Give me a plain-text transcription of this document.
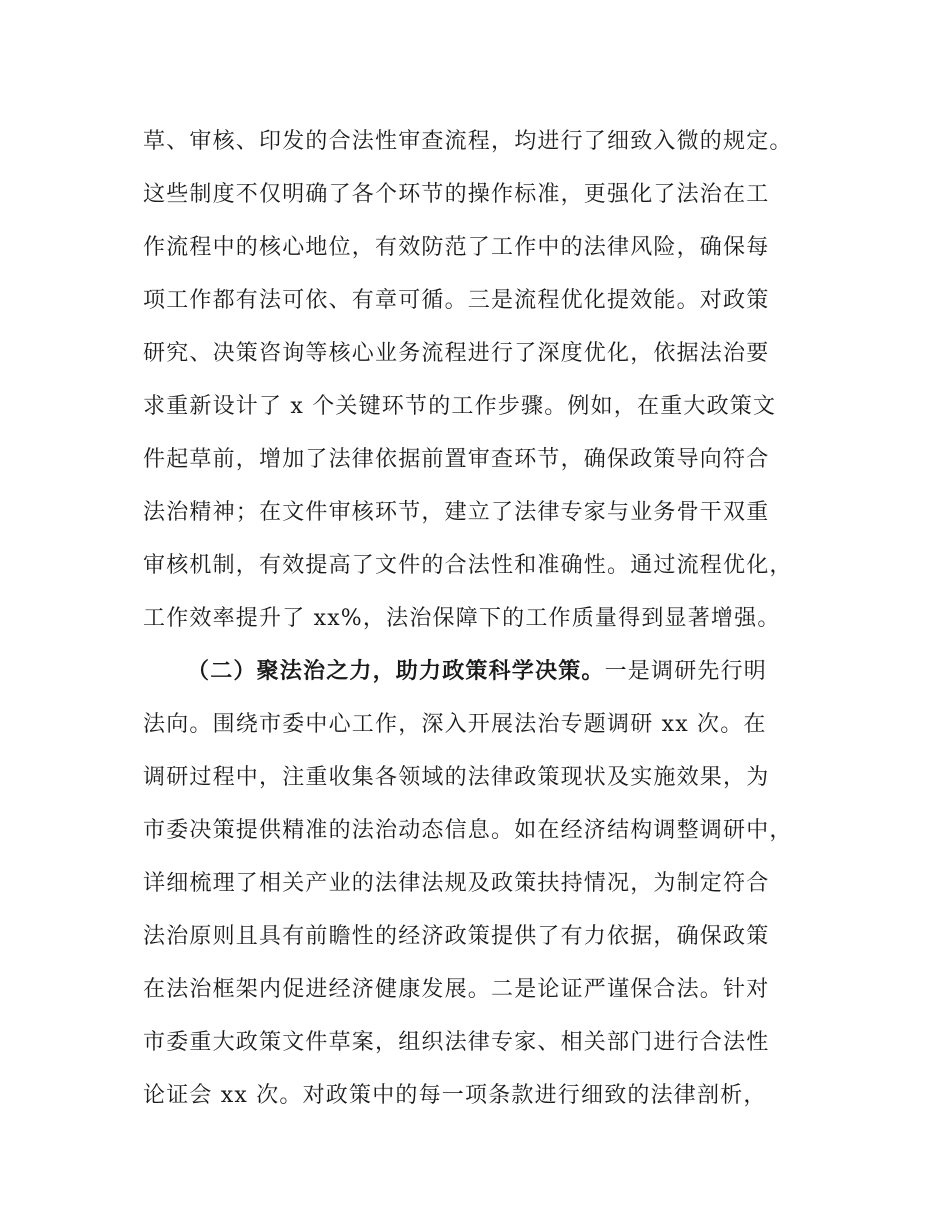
草、审核、印发的合法性审查流程，均进行了细致入微的规定。
这些制度不仅明确了各个环节的操作标准，更强化了法治在工
作流程中的核心地位，有效防范了工作中的法律风险，确保每
项工作都有法可依、有章可循。三是流程优化提效能。对政策
研究、决策咨询等核心业务流程进行了深度优化，依据法治要
求重新设计了 x 个关键环节的工作步骤。例如，在重大政策文
件起草前，增加了法律依据前置审查环节，确保政策导向符合
法治精神；在文件审核环节，建立了法律专家与业务骨干双重
审核机制，有效提高了文件的合法性和准确性。通过流程优化，
工作效率提升了 xx%，法治保障下的工作质量得到显著增强。
（二）聚法治之力，助力政策科学决策。一是调研先行明
法向。围绕市委中心工作，深入开展法治专题调研 xx 次。在
调研过程中，注重收集各领域的法律政策现状及实施效果，为
市委决策提供精准的法治动态信息。如在经济结构调整调研中，
详细梳理了相关产业的法律法规及政策扶持情况，为制定符合
法治原则且具有前瞻性的经济政策提供了有力依据，确保政策
在法治框架内促进经济健康发展。二是论证严谨保合法。针对
市委重大政策文件草案，组织法律专家、相关部门进行合法性
论证会 xx 次。对政策中的每一项条款进行细致的法律剖析，
